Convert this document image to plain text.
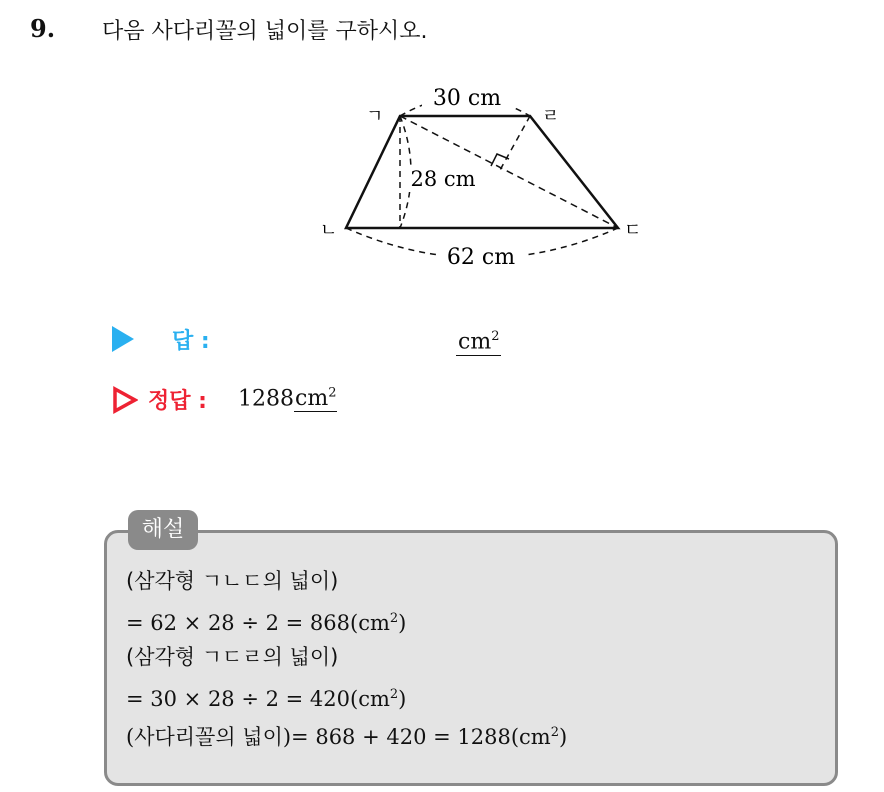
9. 다음 사다리꼴의 넓이를 구하시오.
30 cm
28 cm
62 cm
ㄱ	ㄹ
ㄴ	ㄷ
답 :	$cm^2$
정답 : $1288cm^2$
해설
(삼각형 ㄱㄴㄷ의 넓이)
= $62 \times 28 \div 2 = 868(cm^2)$
(삼각형 ㄱㄷㄹ의 넓이)
= $30 \times 28 \div 2 = 420(cm^2)$
(사다리꼴의 넓이)= $868 + 420 = 1288(cm^2)$
